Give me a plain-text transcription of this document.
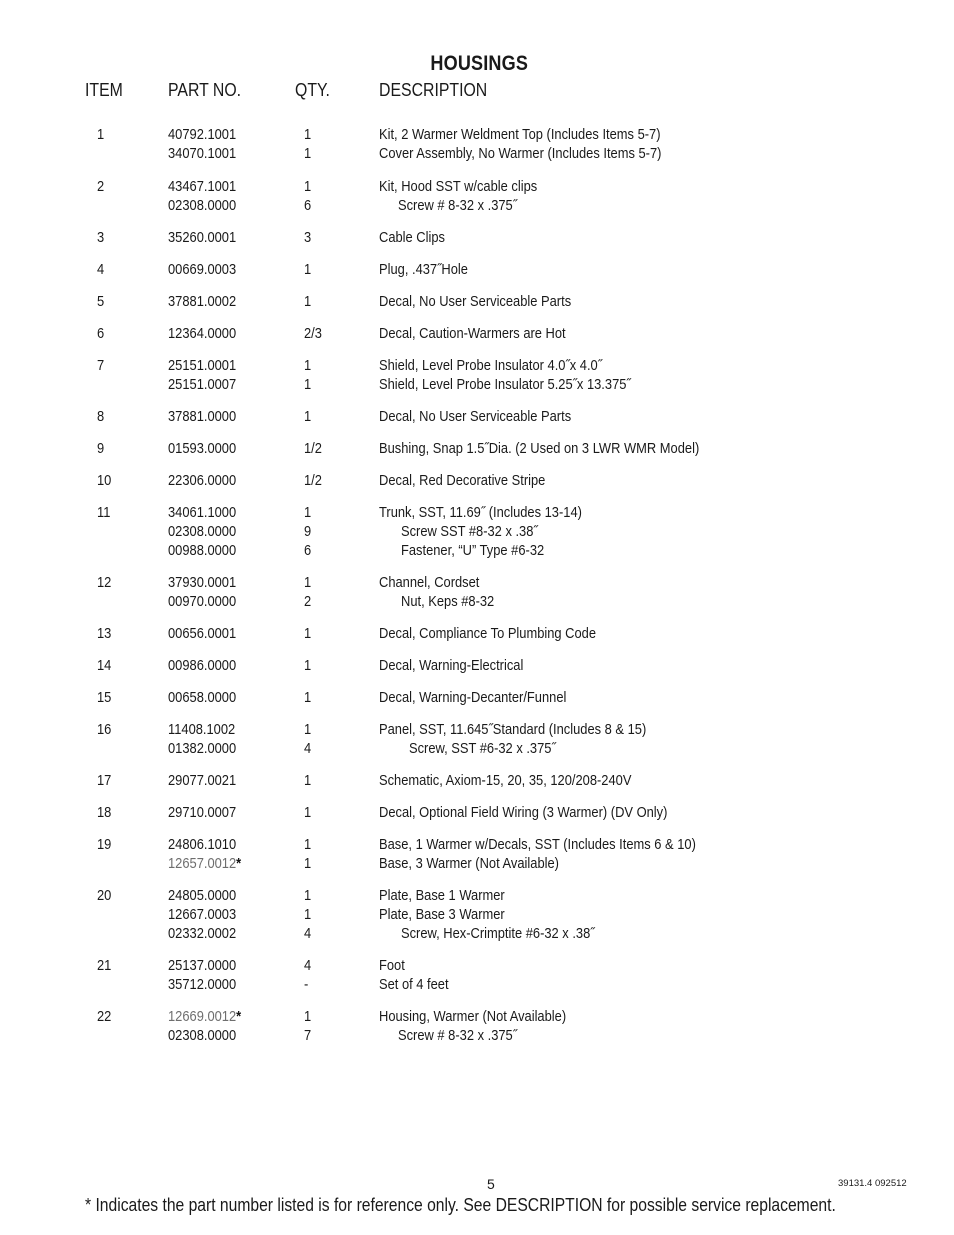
HOUSINGS
ITEM	PART NO.	QTY.	DESCRIPTION
1	40792.1001	1	Kit, 2 Warmer Weldment Top (Includes Items 5-7)
34070.1001	1	Cover Assembly, No Warmer (Includes Items 5-7)
2	43467.1001	1	Kit, Hood SST w/cable clips
02308.0000	6	Screw # 8-32 x .375˝
3	35260.0001	3	Cable Clips
4	00669.0003	1	Plug, .437˝Hole
5	37881.0002	1	Decal, No User Serviceable Parts
6	12364.0000	2/3	Decal, Caution-Warmers are Hot
7	25151.0001	1	Shield, Level Probe Insulator 4.0˝x 4.0˝
25151.0007	1	Shield, Level Probe Insulator 5.25˝x 13.375˝
8	37881.0000	1	Decal, No User Serviceable Parts
9	01593.0000	1/2	Bushing, Snap 1.5˝Dia. (2 Used on 3 LWR WMR Model)
10	22306.0000	1/2	Decal, Red Decorative Stripe
11	34061.1000	1	Trunk, SST, 11.69˝ (Includes 13-14)
02308.0000	9	Screw SST #8-32 x .38˝
00988.0000	6	Fastener, “U” Type #6-32
12	37930.0001	1	Channel, Cordset
00970.0000	2	Nut, Keps #8-32
13	00656.0001	1	Decal, Compliance To Plumbing Code
14	00986.0000	1	Decal, Warning-Electrical
15	00658.0000	1	Decal, Warning-Decanter/Funnel
16	11408.1002	1	Panel, SST, 11.645˝Standard (Includes 8 & 15)
01382.0000	4	Screw, SST #6-32 x .375˝
17	29077.0021	1	Schematic, Axiom-15, 20, 35, 120/208-240V
18	29710.0007	1	Decal, Optional Field Wiring (3 Warmer) (DV Only)
19	24806.1010	1	Base, 1 Warmer w/Decals, SST (Includes Items 6 & 10)
12657.0012*	1	Base, 3 Warmer (Not Available)
20	24805.0000	1	Plate, Base 1 Warmer
12667.0003	1	Plate, Base 3 Warmer
02332.0002	4	Screw, Hex-Crimptite #6-32 x .38˝
21	25137.0000	4	Foot
35712.0000	-	Set of 4 feet
22	12669.0012*	1	Housing, Warmer (Not Available)
02308.0000	7	Screw # 8-32 x .375˝
5	39131.4 092512
* Indicates the part number listed is for reference only. See DESCRIPTION for possible service replacement.
